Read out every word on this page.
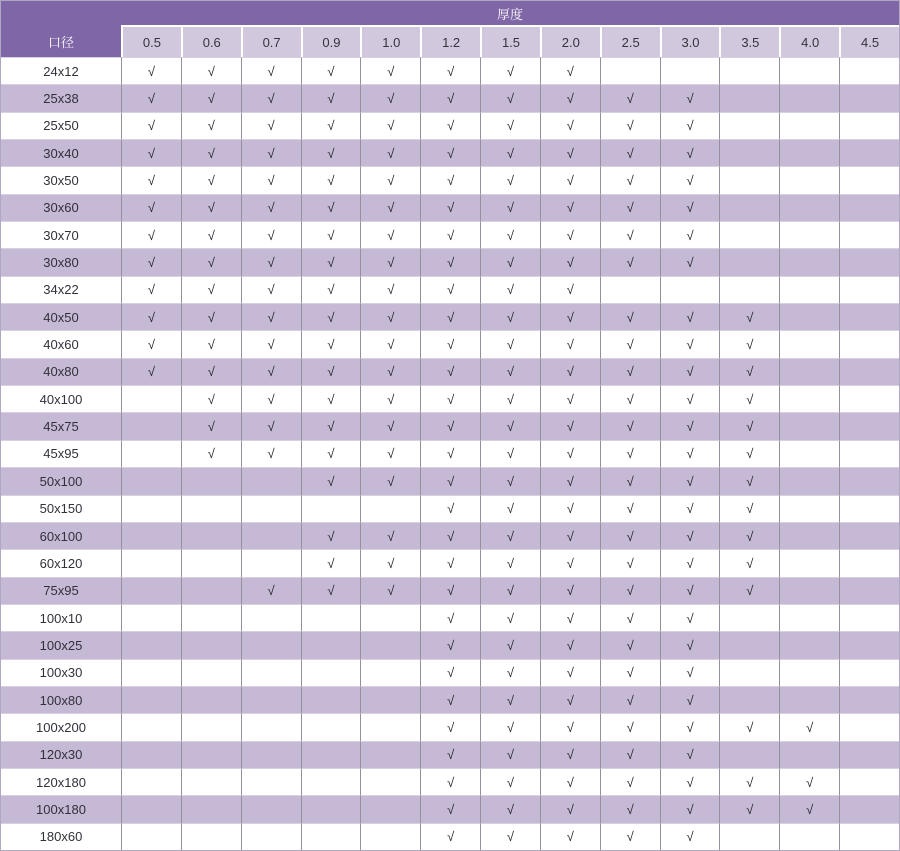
	厚度												
口径	0.5	0.6	0.7	0.9	1.0	1.2	1.5	2.0	2.5	3.0	3.5	4.0	4.5
24x12	√	√	√	√	√	√	√	√					
25x38	√	√	√	√	√	√	√	√	√	√			
25x50	√	√	√	√	√	√	√	√	√	√			
30x40	√	√	√	√	√	√	√	√	√	√			
30x50	√	√	√	√	√	√	√	√	√	√			
30x60	√	√	√	√	√	√	√	√	√	√			
30x70	√	√	√	√	√	√	√	√	√	√			
30x80	√	√	√	√	√	√	√	√	√	√			
34x22	√	√	√	√	√	√	√	√					
40x50	√	√	√	√	√	√	√	√	√	√	√		
40x60	√	√	√	√	√	√	√	√	√	√	√		
40x80	√	√	√	√	√	√	√	√	√	√	√		
40x100		√	√	√	√	√	√	√	√	√	√		
45x75		√	√	√	√	√	√	√	√	√	√		
45x95		√	√	√	√	√	√	√	√	√	√		
50x100				√	√	√	√	√	√	√	√		
50x150						√	√	√	√	√	√		
60x100				√	√	√	√	√	√	√	√		
60x120				√	√	√	√	√	√	√	√		
75x95			√	√	√	√	√	√	√	√	√		
100x10						√	√	√	√	√			
100x25						√	√	√	√	√			
100x30						√	√	√	√	√			
100x80						√	√	√	√	√			
100x200						√	√	√	√	√	√	√	
120x30						√	√	√	√	√			
120x180						√	√	√	√	√	√	√	
100x180						√	√	√	√	√	√	√	
180x60						√	√	√	√	√			
